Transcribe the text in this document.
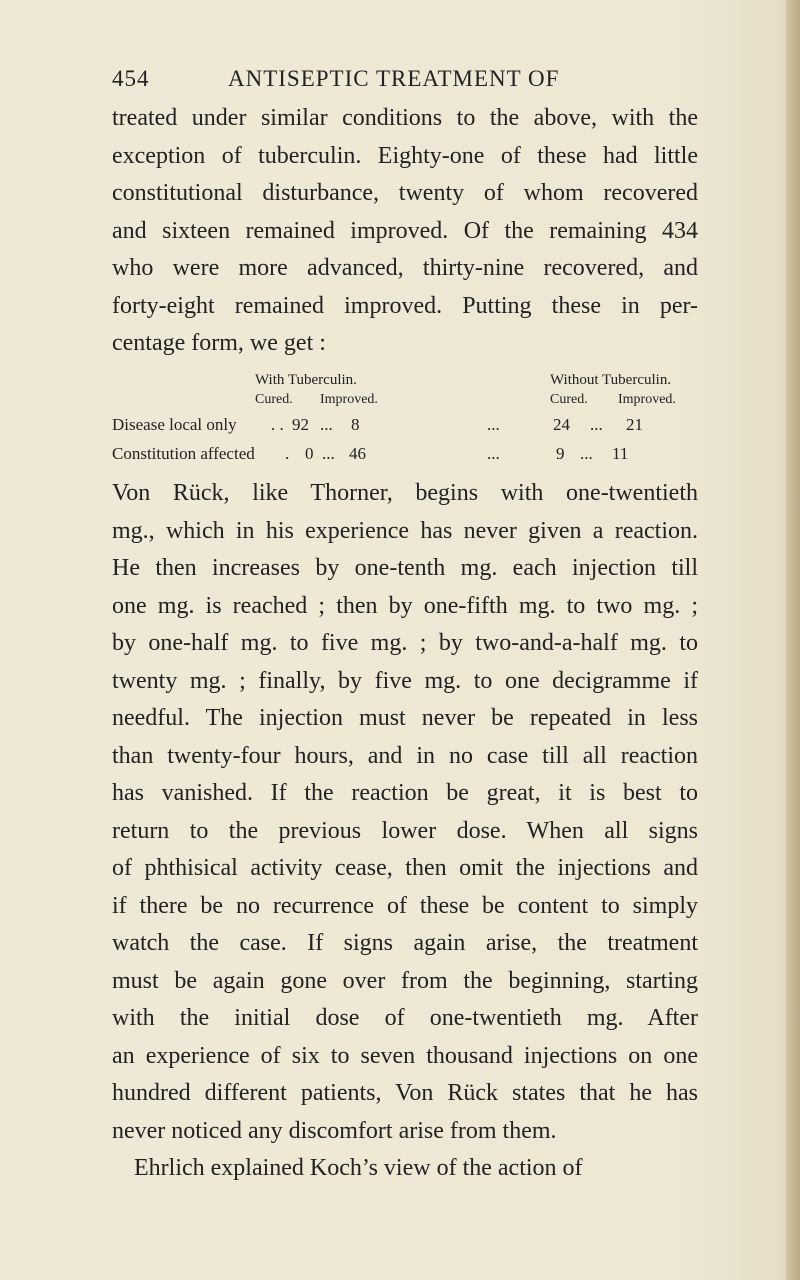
454	ANTISEPTIC TREATMENT OF
treated under similar conditions to the above, with the
exception of tuberculin. Eighty-one of these had little
constitutional disturbance, twenty of whom recovered
and sixteen remained improved. Of the remaining 434
who were more advanced, thirty-nine recovered, and
forty-eight remained improved. Putting these in per-
centage form, we get :
With Tuberculin.	Without Tuberculin.
Cured. Improved.	Cured. Improved.
Disease local only . . 92 ... 8	...	24 ... 21
Constitution affected . 0 ... 46	...	9 ... 11
Von Rück, like Thorner, begins with one-twentieth
mg., which in his experience has never given a reaction.
He then increases by one-tenth mg. each injection till
one mg. is reached ; then by one-fifth mg. to two mg. ;
by one-half mg. to five mg. ; by two-and-a-half mg. to
twenty mg. ; finally, by five mg. to one decigramme if
needful. The injection must never be repeated in less
than twenty-four hours, and in no case till all reaction
has vanished. If the reaction be great, it is best to
return to the previous lower dose. When all signs
of phthisical activity cease, then omit the injections and
if there be no recurrence of these be content to simply
watch the case. If signs again arise, the treatment
must be again gone over from the beginning, starting
with the initial dose of one-twentieth mg. After
an experience of six to seven thousand injections on one
hundred different patients, Von Rück states that he has
never noticed any discomfort arise from them.
Ehrlich explained Koch’s view of the action of
